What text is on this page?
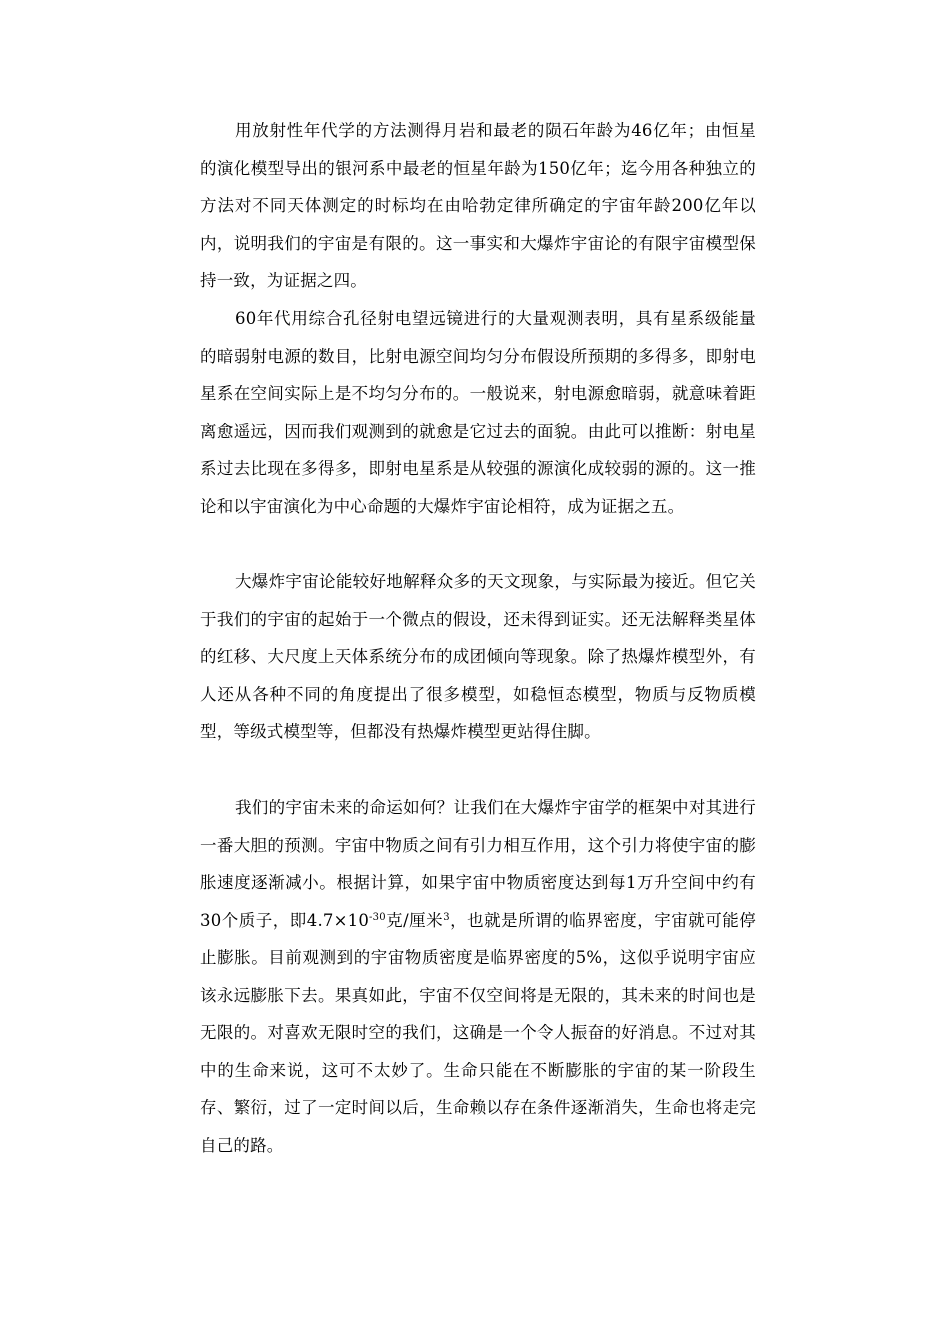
用放射性年代学的方法测得月岩和最老的陨石年龄为46亿年；由恒星的演化模型导出的银河系中最老的恒星年龄为150亿年；迄今用各种独立的方法对不同天体测定的时标均在由哈勃定律所确定的宇宙年龄200亿年以内，说明我们的宇宙是有限的。这一事实和大爆炸宇宙论的有限宇宙模型保持一致，为证据之四。

60年代用综合孔径射电望远镜进行的大量观测表明，具有星系级能量的暗弱射电源的数目，比射电源空间均匀分布假设所预期的多得多，即射电星系在空间实际上是不均匀分布的。一般说来，射电源愈暗弱，就意味着距离愈遥远，因而我们观测到的就愈是它过去的面貌。由此可以推断：射电星系过去比现在多得多，即射电星系是从较强的源演化成较弱的源的。这一推论和以宇宙演化为中心命题的大爆炸宇宙论相符，成为证据之五。

大爆炸宇宙论能较好地解释众多的天文现象，与实际最为接近。但它关于我们的宇宙的起始于一个微点的假设，还未得到证实。还无法解释类星体的红移、大尺度上天体系统分布的成团倾向等现象。除了热爆炸模型外，有人还从各种不同的角度提出了很多模型，如稳恒态模型，物质与反物质模型，等级式模型等，但都没有热爆炸模型更站得住脚。

我们的宇宙未来的命运如何？让我们在大爆炸宇宙学的框架中对其进行一番大胆的预测。宇宙中物质之间有引力相互作用，这个引力将使宇宙的膨胀速度逐渐减小。根据计算，如果宇宙中物质密度达到每1万升空间中约有30个质子，即$4.7\times 10^{-30}$克/厘米$^3$，也就是所谓的临界密度，宇宙就可能停止膨胀。目前观测到的宇宙物质密度是临界密度的5%，这似乎说明宇宙应该永远膨胀下去。果真如此，宇宙不仅空间将是无限的，其未来的时间也是无限的。对喜欢无限时空的我们，这确是一个令人振奋的好消息。不过对其中的生命来说，这可不太妙了。生命只能在不断膨胀的宇宙的某一阶段生存、繁衍，过了一定时间以后，生命赖以存在条件逐渐消失，生命也将走完自己的路。
